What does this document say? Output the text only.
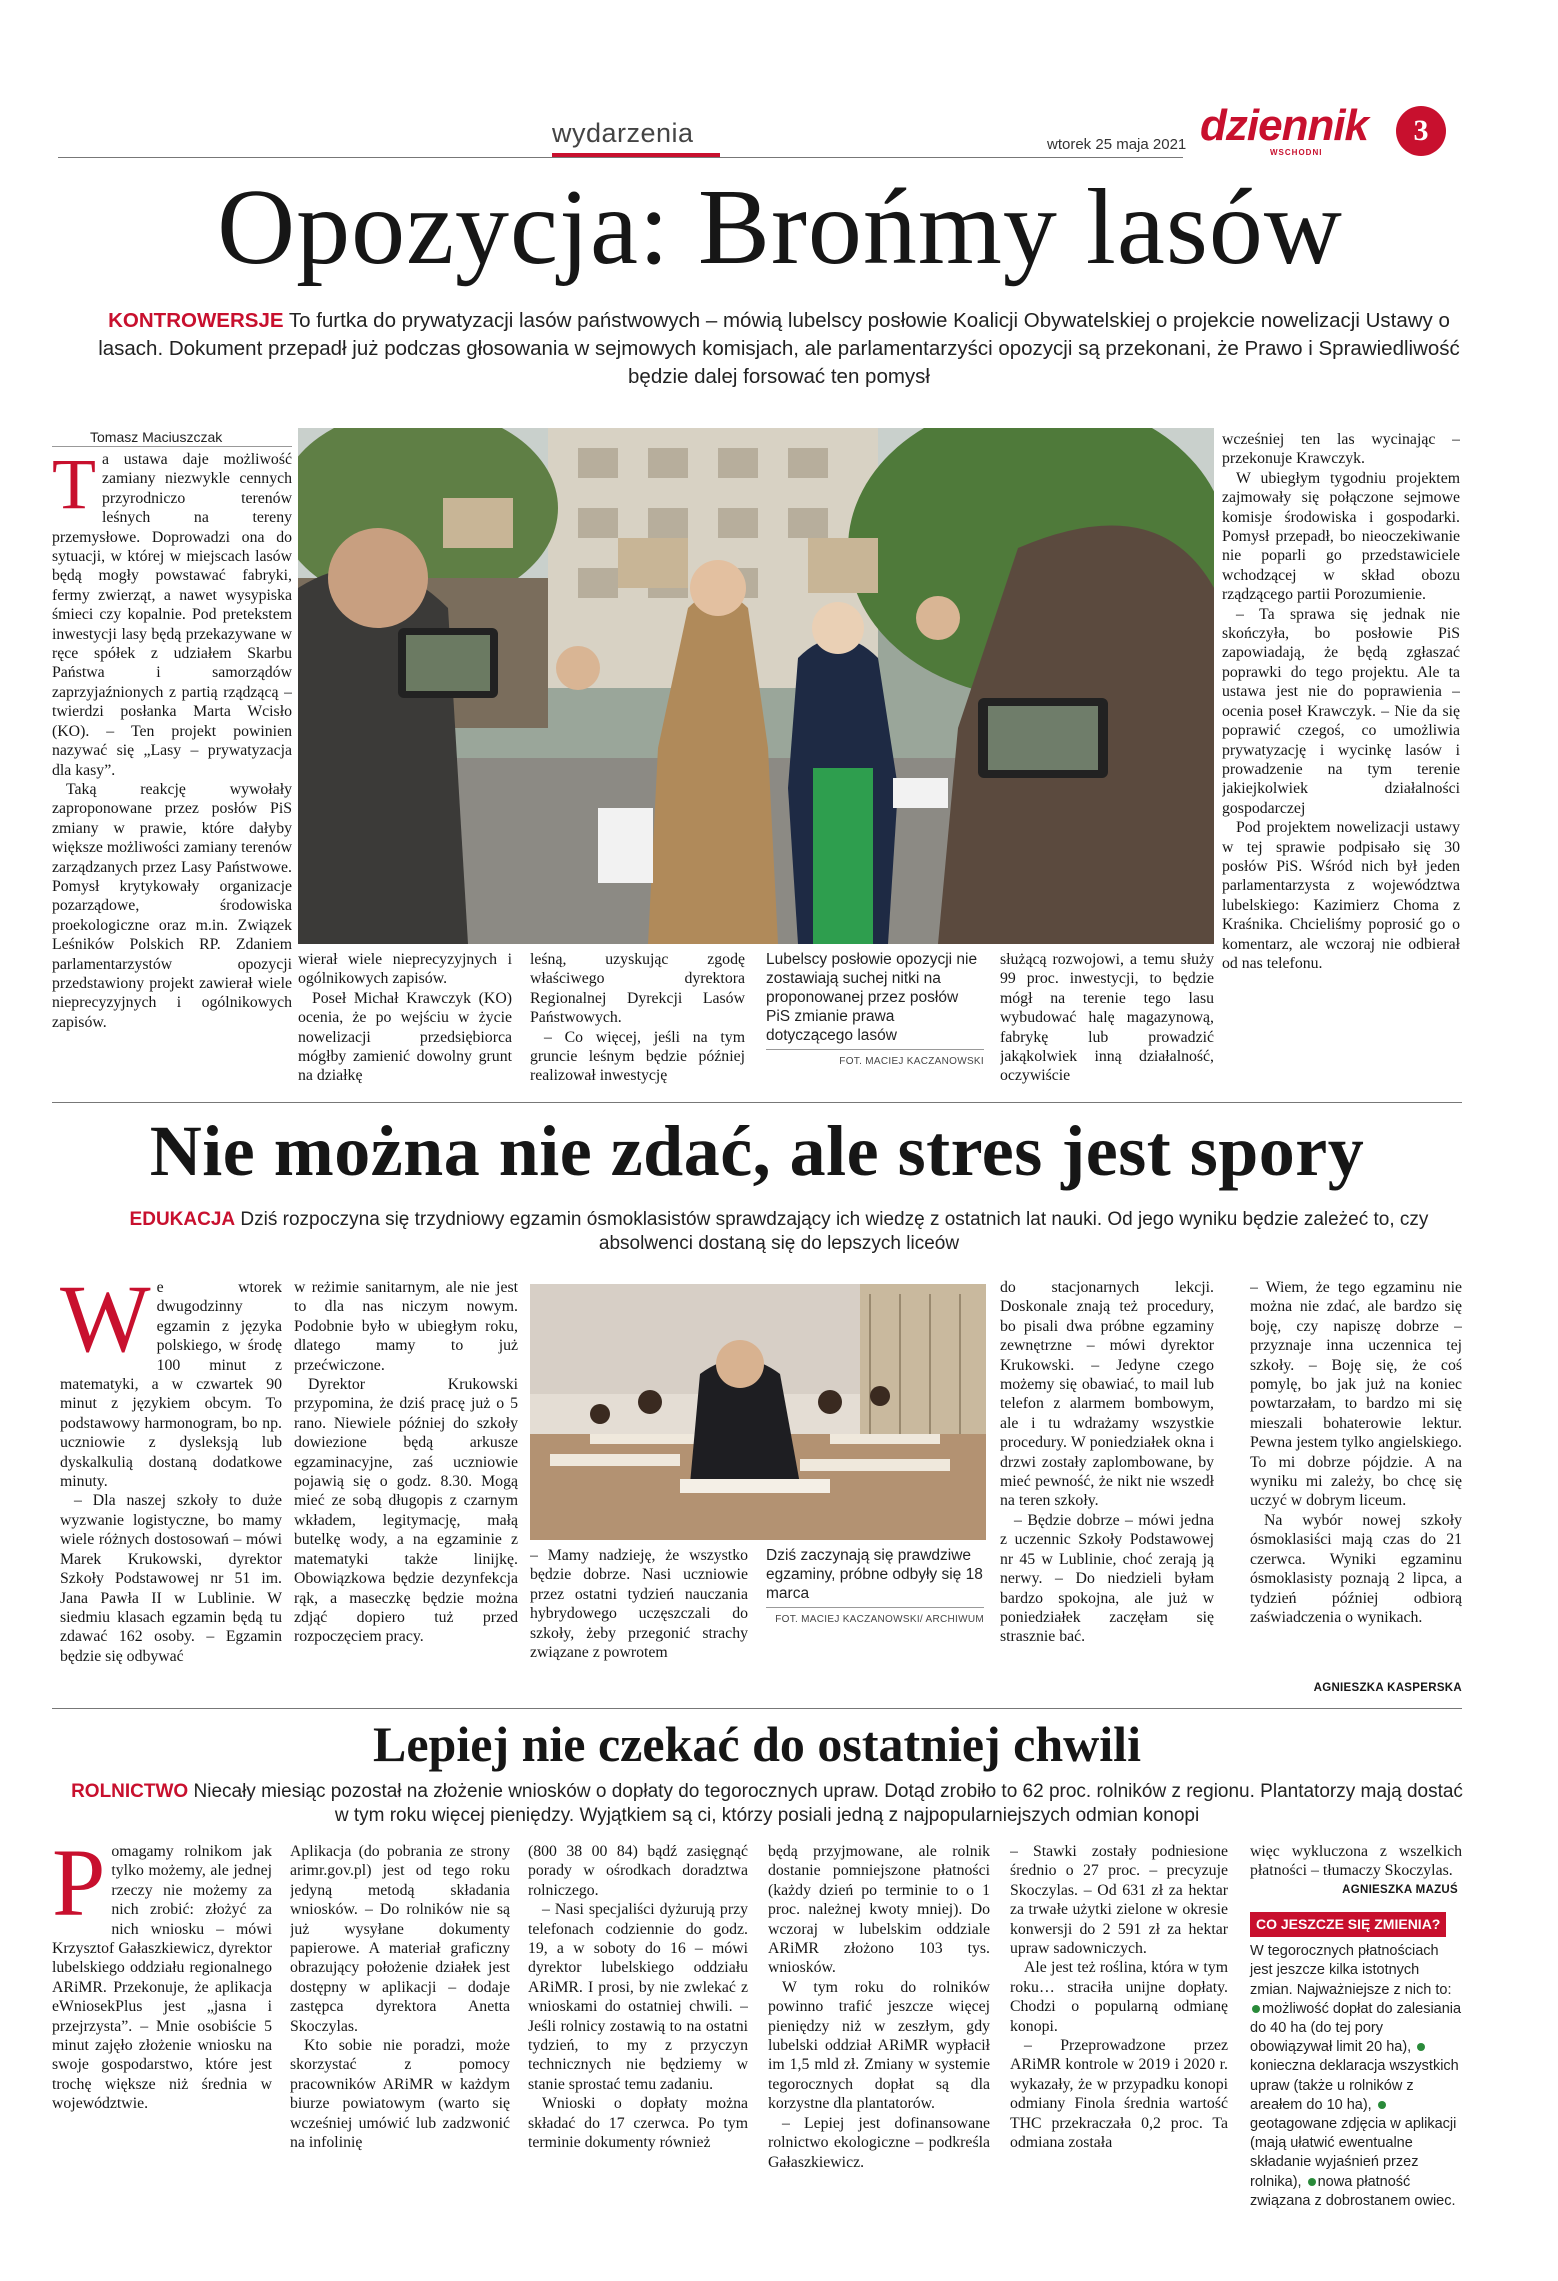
wydarzenia	wtorek 25 maja 2021 dziennik
WSCHODNI
3
Opozycja: Brońmy lasów
KONTROWERSJE To furtka do prywatyzacji lasów państwowych – mówią lubelscy posłowie Koalicji Obywatelskiej o projekcie nowelizacji Ustawy o lasach. Dokument przepadł już podczas głosowania w sejmowych komisjach, ale parlamentarzyści opozycji są przekonani, że Prawo i Sprawiedliwość będzie dalej forsować ten pomysł
Tomasz Maciuszczak
T a ustawa daje możliwość zamiany niezwykle cennych przyrodniczo terenów leśnych na tereny przemysłowe. Doprowadzi ona do sytuacji, w której w miejscach lasów będą mogły powstawać fabryki, fermy zwierząt, a nawet wysypiska śmieci czy kopalnie. Pod pretekstem inwestycji lasy będą przekazywane w ręce spółek z udziałem Skarbu Państwa i samorządów zaprzyjaźnionych z partią rządzącą – twierdzi posłanka Marta Wcisło (KO). – Ten projekt powinien nazywać się „Lasy – prywatyzacja dla kasy”.

Taką reakcję wywołały zaproponowane przez posłów PiS zmiany w prawie, które dałyby większe możliwości zamiany terenów zarządzanych przez Lasy Państwowe. Pomysł krytykowały organizacje pozarządowe, środowiska proekologiczne oraz m.in. Związek Leśników Polskich RP. Zdaniem parlamentarzystów opozycji przedstawiony projekt zawierał wiele nieprecyzyjnych i ogólnikowych zapisów.

wierał wiele nieprecyzyjnych i ogólnikowych zapisów.

Poseł Michał Krawczyk (KO) ocenia, że po wejściu w życie nowelizacji przedsiębiorca mógłby zamienić dowolny grunt na działkę

leśną, uzyskując zgodę właściwego dyrektora Regionalnej Dyrekcji Lasów Państwowych.

– Co więcej, jeśli na tym gruncie leśnym będzie później realizował inwestycję

Lubelscy posłowie opozycji nie zostawiają suchej nitki na proponowanej przez posłów PiS zmianie prawa dotyczącego lasów
FOT. MACIEJ KACZANOWSKI

służącą rozwojowi, a temu służy 99 proc. inwestycji, to będzie mógł na terenie tego lasu wybudować halę magazynową, fabrykę lub prowadzić jakąkolwiek inną działalność, oczywiście

wcześniej ten las wycinając – przekonuje Krawczyk.

W ubiegłym tygodniu projektem zajmowały się połączone sejmowe komisje środowiska i gospodarki. Pomysł przepadł, bo nieoczekiwanie nie poparli go przedstawiciele wchodzącej w skład obozu rządzącego partii Porozumienie.

– Ta sprawa się jednak nie skończyła, bo posłowie PiS zapowiadają, że będą zgłaszać poprawki do tego projektu. Ale ta ustawa jest nie do poprawienia – ocenia poseł Krawczyk. – Nie da się poprawić czegoś, co umożliwia prywatyzację i wycinkę lasów i prowadzenie na tym terenie jakiejkolwiek działalności gospodarczej

Pod projektem nowelizacji ustawy w tej sprawie podpisało się 30 posłów PiS. Wśród nich był jeden parlamentarzysta z województwa lubelskiego: Kazimierz Choma z Kraśnika. Chcieliśmy poprosić go o komentarz, ale wczoraj nie odbierał od nas telefonu.

Nie można nie zdać, ale stres jest spory
EDUKACJA Dziś rozpoczyna się trzydniowy egzamin ósmoklasistów sprawdzający ich wiedzę z ostatnich lat nauki. Od jego wyniku będzie zależeć to, czy absolwenci dostaną się do lepszych liceów
W e wtorek dwugodzinny egzamin z języka polskiego, w środę 100 minut z matematyki, a w czwartek 90 minut z językiem obcym. To podstawowy harmonogram, bo np. uczniowie z dysleksją lub dyskalkulią dostaną dodatkowe minuty.

– Dla naszej szkoły to duże wyzwanie logistyczne, bo mamy wiele różnych dostosowań – mówi Marek Krukowski, dyrektor Szkoły Podstawowej nr 51 im. Jana Pawła II w Lublinie. W siedmiu klasach egzamin będą tu zdawać 162 osoby. – Egzamin będzie się odbywać

w reżimie sanitarnym, ale nie jest to dla nas niczym nowym. Podobnie było w ubiegłym roku, dlatego mamy to już przećwiczone.

Dyrektor Krukowski przypomina, że dziś pracę już o 5 rano. Niewiele później do szkoły dowiezione będą arkusze egzaminacyjne, zaś uczniowie pojawią się o godz. 8.30. Mogą mieć ze sobą długopis z czarnym wkładem, legitymację, małą butelkę wody, a na egzaminie z matematyki także linijkę. Obowiązkowa będzie dezynfekcja rąk, a maseczkę będzie można zdjąć dopiero tuż przed rozpoczęciem pracy.

– Mamy nadzieję, że wszystko będzie dobrze. Nasi uczniowie przez ostatni tydzień nauczania hybrydowego uczęszczali do szkoły, żeby przegonić strachy związane z powrotem

Dziś zaczynają się prawdziwe egzaminy, próbne odbyły się 18 marca
FOT. MACIEJ KACZANOWSKI/ ARCHIWUM

do stacjonarnych lekcji. Doskonale znają też procedury, bo pisali dwa próbne egzaminy zewnętrzne – mówi dyrektor Krukowski. – Jedyne czego możemy się obawiać, to mail lub telefon z alarmem bombowym, ale i tu wdrażamy wszystkie procedury. W poniedziałek okna i drzwi zostały zaplombowane, by mieć pewność, że nikt nie wszedł na teren szkoły.

– Będzie dobrze – mówi jedna z uczennic Szkoły Podstawowej nr 45 w Lublinie, choć zerają ją nerwy. – Do niedzieli byłam bardzo spokojna, ale już w poniedziałek zaczęłam się strasznie bać.

– Wiem, że tego egzaminu nie można nie zdać, ale bardzo się boję, czy napiszę dobrze – przyznaje inna uczennica tej szkoły. – Boję się, że coś pomylę, bo jak już na koniec powtarzałam, to bardzo mi się mieszali bohaterowie lektur. Pewna jestem tylko angielskiego. To mi dobrze pójdzie. A na wyniku mi zależy, bo chcę się uczyć w dobrym liceum.

Na wybór nowej szkoły ósmoklasiści mają czas do 21 czerwca. Wyniki egzaminu ósmoklasisty poznają 2 lipca, a tydzień później odbiorą zaświadczenia o wynikach.

AGNIESZKA KASPERSKA
Lepiej nie czekać do ostatniej chwili
ROLNICTWO Niecały miesiąc pozostał na złożenie wniosków o dopłaty do tegorocznych upraw. Dotąd zrobiło to 62 proc. rolników z regionu. Plantatorzy mają dostać w tym roku więcej pieniędzy. Wyjątkiem są ci, którzy posiali jedną z najpopularniejszych odmian konopi
P omagamy rolnikom jak tylko możemy, ale jednej rzeczy nie możemy za nich zrobić: złożyć za nich wniosku – mówi Krzysztof Gałaszkiewicz, dyrektor lubelskiego oddziału regionalnego ARiMR. Przekonuje, że aplikacja eWniosekPlus jest „jasna i przejrzysta”. – Mnie osobiście 5 minut zajęło złożenie wniosku na swoje gospodarstwo, które jest trochę większe niż średnia w województwie.

Aplikacja (do pobrania ze strony arimr.gov.pl) jest od tego roku jedyną metodą składania wniosków. – Do rolników nie są już wysyłane dokumenty papierowe. A materiał graficzny obrazujący położenie działek jest dostępny w aplikacji – dodaje zastępca dyrektora Anetta Skoczylas.

Kto sobie nie poradzi, może skorzystać z pomocy pracowników ARiMR w każdym biurze powiatowym (warto się wcześniej umówić lub zadzwonić na infolinię

(800 38 00 84) bądź zasięgnąć porady w ośrodkach doradztwa rolniczego.

– Nasi specjaliści dyżurują przy telefonach codziennie do godz. 19, a w soboty do 16 – mówi dyrektor lubelskiego oddziału ARiMR. I prosi, by nie zwlekać z wnioskami do ostatniej chwili. – Jeśli rolnicy zostawią to na ostatni tydzień, to my z przyczyn technicznych nie będziemy w stanie sprostać temu zadaniu.

Wnioski o dopłaty można składać do 17 czerwca. Po tym terminie dokumenty również

będą przyjmowane, ale rolnik dostanie pomniejszone płatności (każdy dzień po terminie to o 1 proc. należnej kwoty mniej). Do wczoraj w lubelskim oddziale ARiMR złożono 103 tys. wniosków.

W tym roku do rolników powinno trafić jeszcze więcej pieniędzy niż w zeszłym, gdy lubelski oddział ARiMR wypłacił im 1,5 mld zł. Zmiany w systemie tegorocznych dopłat są dla korzystne dla plantatorów.

– Lepiej jest dofinansowane rolnictwo ekologiczne – podkreśla Gałaszkiewicz.

– Stawki zostały podniesione średnio o 27 proc. – precyzuje Skoczylas. – Od 631 zł za hektar za trwałe użytki zielone w okresie konwersji do 2 591 zł za hektar upraw sadowniczych.

Ale jest też roślina, która w tym roku… straciła unijne dopłaty. Chodzi o popularną odmianę konopi.

– Przeprowadzone przez ARiMR kontrole w 2019 i 2020 r. wykazały, że w przypadku konopi odmiany Finola średnia wartość THC przekraczała 0,2 proc. Ta odmiana została

więc wykluczona z wszelkich płatności – tłumaczy Skoczylas.

AGNIESZKA MAZUŚ
CO JESZCZE SIĘ ZMIENIA?
W tegorocznych płatnościach jest jeszcze kilka istotnych zmian. Najważniejsze z nich to: możliwość dopłat do zalesiania do 40 ha (do tej pory obowiązywał limit 20 ha), konieczna deklaracja wszystkich upraw (także u rolników z areałem do 10 ha), geotagowane zdjęcia w aplikacji (mają ułatwić ewentualne składanie wyjaśnień przez rolnika), nowa płatność związana z dobrostanem owiec.
